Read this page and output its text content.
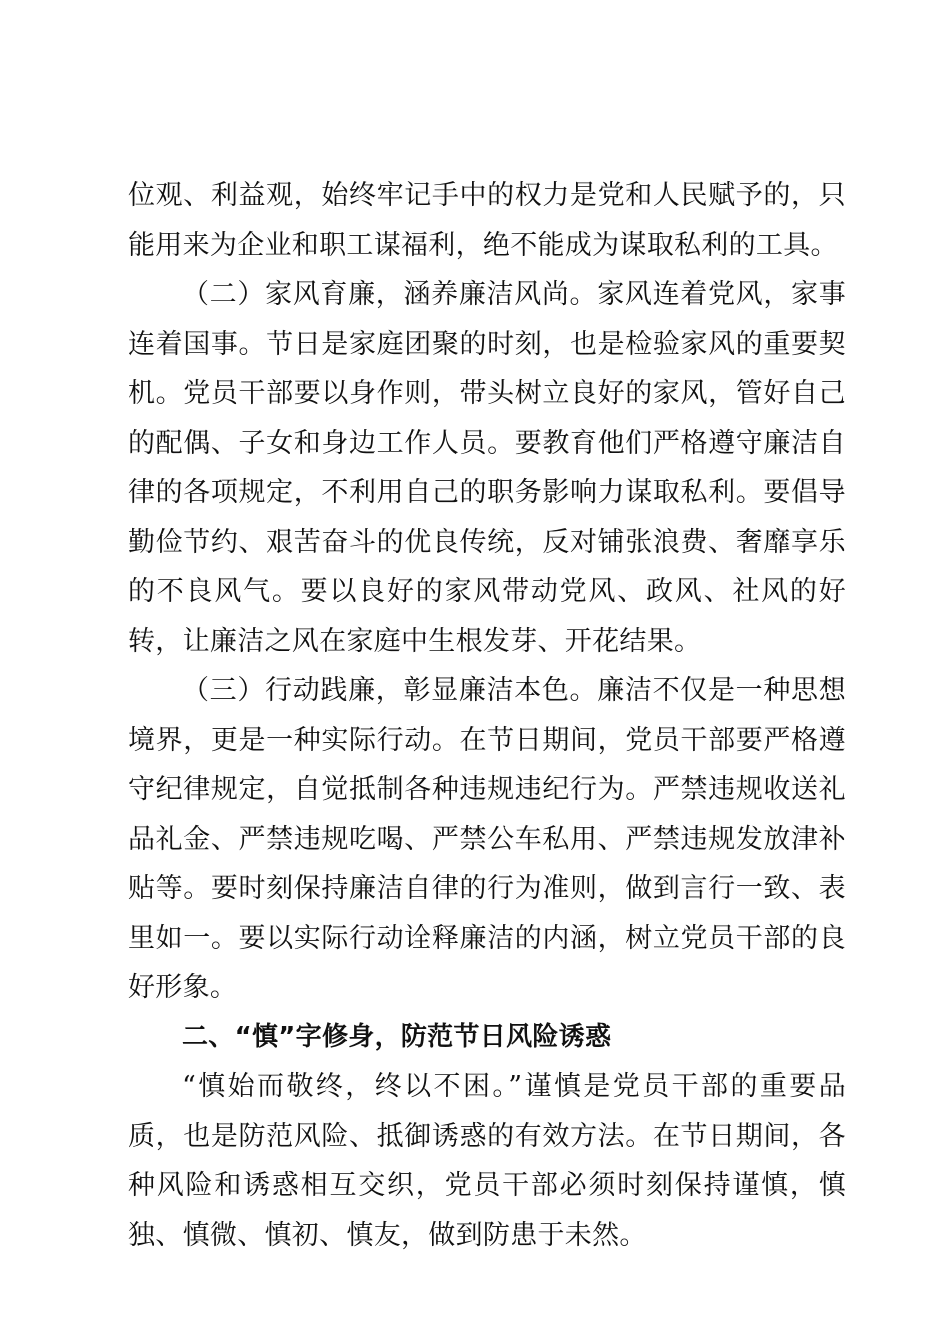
位观、利益观，始终牢记手中的权力是党和人民赋予的，只能用来为企业和职工谋福利，绝不能成为谋取私利的工具。

（二）家风育廉，涵养廉洁风尚。家风连着党风，家事连着国事。节日是家庭团聚的时刻，也是检验家风的重要契机。党员干部要以身作则，带头树立良好的家风，管好自己的配偶、子女和身边工作人员。要教育他们严格遵守廉洁自律的各项规定，不利用自己的职务影响力谋取私利。要倡导勤俭节约、艰苦奋斗的优良传统，反对铺张浪费、奢靡享乐的不良风气。要以良好的家风带动党风、政风、社风的好转，让廉洁之风在家庭中生根发芽、开花结果。

（三）行动践廉，彰显廉洁本色。廉洁不仅是一种思想境界，更是一种实际行动。在节日期间，党员干部要严格遵守纪律规定，自觉抵制各种违规违纪行为。严禁违规收送礼品礼金、严禁违规吃喝、严禁公车私用、严禁违规发放津补贴等。要时刻保持廉洁自律的行为准则，做到言行一致、表里如一。要以实际行动诠释廉洁的内涵，树立党员干部的良好形象。

二、“慎”字修身，防范节日风险诱惑

“慎始而敬终，终以不困。”谨慎是党员干部的重要品质，也是防范风险、抵御诱惑的有效方法。在节日期间，各种风险和诱惑相互交织，党员干部必须时刻保持谨慎，慎独、慎微、慎初、慎友，做到防患于未然。
